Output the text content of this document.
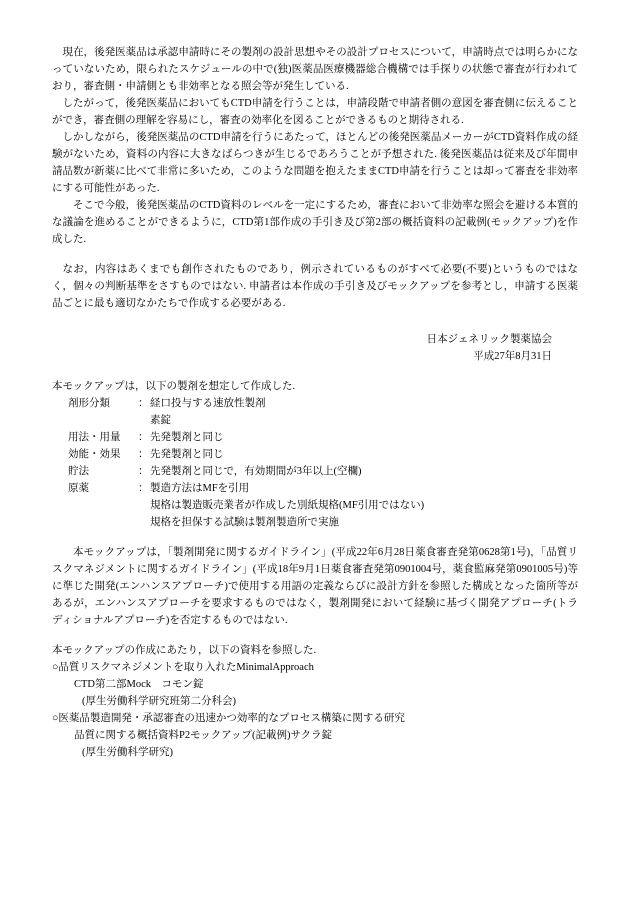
現在，後発医薬品は承認申請時にその製剤の設計思想やその設計プロセスについて，申請時点では明らかになっていないため，限られたスケジュールの中で(独)医薬品医療機器総合機構では手探りの状態で審査が行われており，審査側・申請側とも非効率となる照会等が発生している.

したがって，後発医薬品においてもCTD申請を行うことは，申請段階で申請者側の意図を審査側に伝えることができ，審査側の理解を容易にし，審査の効率化を図ることができるものと期待される.

しかしながら，後発医薬品のCTD申請を行うにあたって，ほとんどの後発医薬品メーカーがCTD資料作成の経験がないため，資料の内容に大きなばらつきが生じるであろうことが予想された. 後発医薬品は従来及び年間申請品数が新薬に比べて非常に多いため，このような問題を抱えたままCTD申請を行うことは却って審査を非効率にする可能性があった.

そこで今般，後発医薬品のCTD資料のレベルを一定にするため，審査において非効率な照会を避ける本質的な議論を進めることができるように，CTD第1部作成の手引き及び第2部の概括資料の記載例(モックアップ)を作成した.

なお，内容はあくまでも創作されたものであり，例示されているものがすべて必要(不要)というものではなく，個々の判断基準をさすものではない. 申請者は本作成の手引き及びモックアップを参考とし，申請する医薬品ごとに最も適切なかたちで作成する必要がある.

日本ジェネリック製薬協会

平成27年8月31日

本モックアップは，以下の製剤を想定して作成した.

剤形分類	： 経口投与する速放性製剤
素錠
用法・用量	： 先発製剤と同じ
効能・効果	： 先発製剤と同じ
貯法	： 先発製剤と同じで，有効期間が3年以上(空欄)
原薬	： 製造方法はMFを引用
規格は製造販売業者が作成した別紙規格(MF引用ではない)
規格を担保する試験は製剤製造所で実施

本モックアップは，「製剤開発に関するガイドライン」(平成22年6月28日薬食審査発第0628第1号)，「品質リスクマネジメントに関するガイドライン」(平成18年9月1日薬食審査発第0901004号，薬食監麻発第0901005号)等に準じた開発(エンハンスアプローチ)で使用する用語の定義ならびに設計方針を参照した構成となった箇所等があるが，エンハンスアプローチを要求するものではなく，製剤開発において経験に基づく開発アプローチ(トラディショナルアプローチ)を否定するものではない.

本モックアップの作成にあたり，以下の資料を参照した.

○品質リスクマネジメントを取り入れたMinimalApproach

CTD第二部Mock　コモン錠

(厚生労働科学研究班第二分科会)

○医薬品製造開発・承認審査の迅速かつ効率的なプロセス構築に関する研究

品質に関する概括資料P2モックアップ(記載例)サクラ錠

(厚生労働科学研究)
